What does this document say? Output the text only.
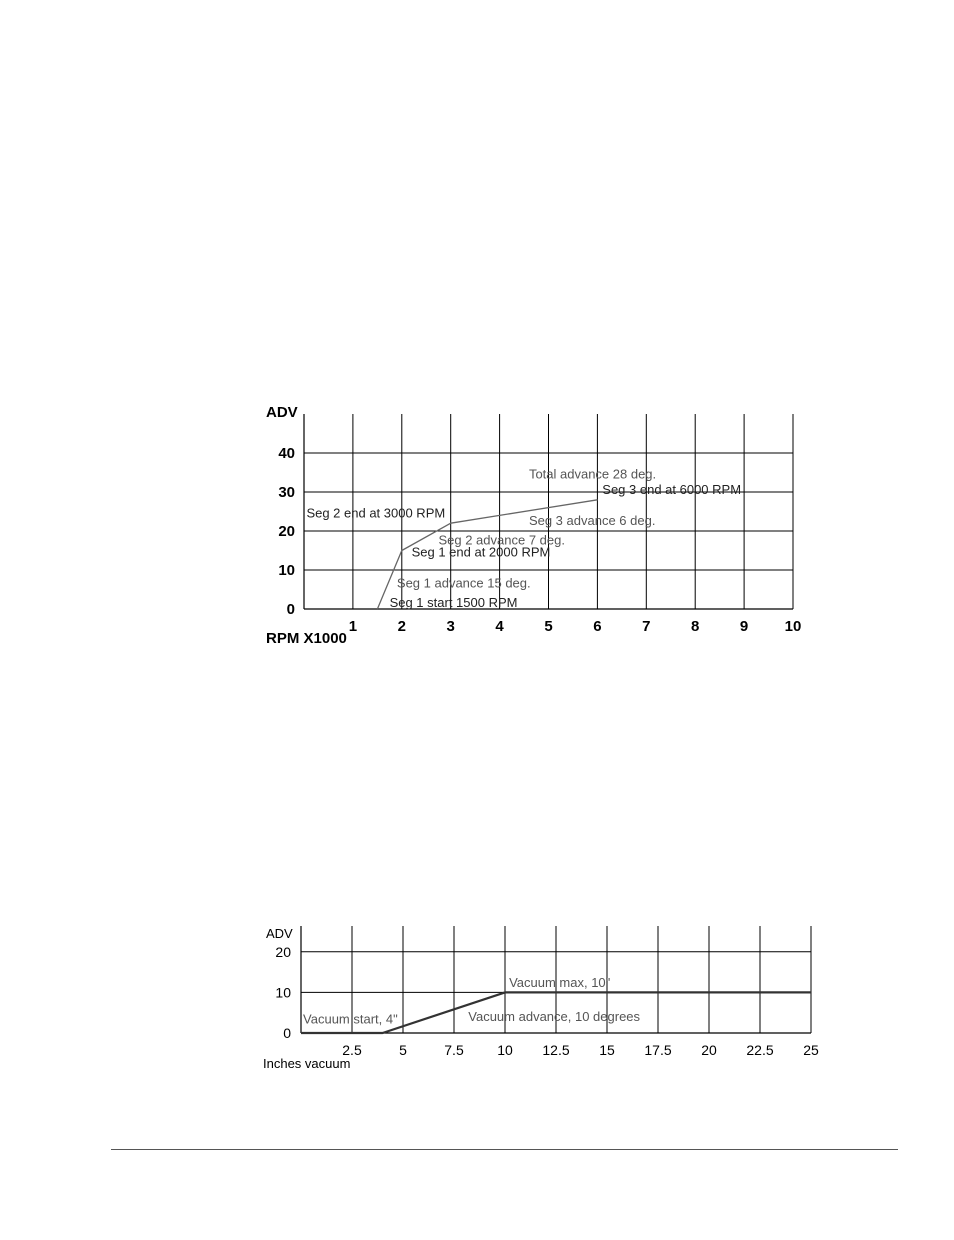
1	2	3	4	5	6	7	8	9 10
0
10
20
30
40
ADV
RPM X1000
Total advance 28 deg.
Seg 3 end at 6000 RPM
Seg 2 end at 3000 RPM
Seg 3 advance 6 deg.
Seg 2 advance 7 deg.
Seg 1 end at 2000 RPM
Seg 1 advance 15 deg.
Seg 1 start 1500 RPM
2.5	5	7.5 10 12.5 15 17.5 20 22.5 25
0
10
20
ADV
Inches vacuum
Vacuum max, 10"
Vacuum start, 4"	Vacuum advance, 10 degrees
